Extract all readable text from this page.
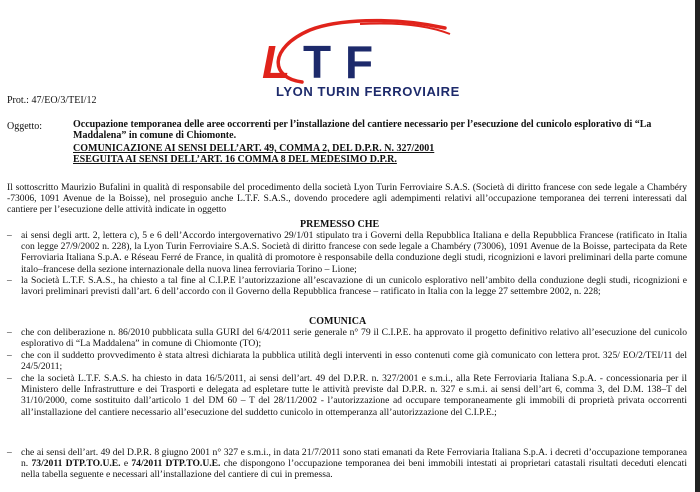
L T F
LYON TURIN FERROVIAIRE
Prot.: 47/EO/3/TEI/12
Oggetto:	Occupazione temporanea delle aree occorrenti per l’installazione del cantiere necessario per l’esecuzione del cunicolo esplorativo di “La Maddalena” in comune di Chiomonte.
COMUNICAZIONE AI SENSI DELL’ART. 49, COMMA 2, DEL D.P.R. N. 327/2001
ESEGUITA AI SENSI DELL’ART. 16 COMMA 8 DEL MEDESIMO D.P.R.
Il sottoscritto Maurizio Bufalini in qualità di responsabile del procedimento della società Lyon Turin Ferroviaire S.A.S. (Società di diritto francese con sede legale a Chambéry -73006, 1091 Avenue de la Boisse), nel proseguio anche L.T.F. S.A.S., dovendo procedere agli adempimenti relativi all’occupazione temporanea dei terreni interessati dal cantiere per l’esecuzione delle attività indicate in oggetto
PREMESSO CHE
– ai sensi degli artt. 2, lettera c), 5 e 6 dell’Accordo intergovernativo 29/1/01 stipulato tra i Governi della Repubblica Italiana e della Repubblica Francese (ratificato in Italia con legge 27/9/2002 n. 228), la Lyon Turin Ferroviaire S.A.S. Società di diritto francese con sede legale a Chambéry (73006), 1091 Avenue de la Boisse, partecipata da Rete Ferroviaria Italiana S.p.A. e Réseau Ferré de France, in qualità di promotore è responsabile della conduzione degli studi, ricognizioni e lavori preliminari della parte comune italo–francese della sezione internazionale della nuova linea ferroviaria Torino – Lione;
– la Società L.T.F. S.A.S., ha chiesto a tal fine al C.I.P.E l’autorizzazione all’escavazione di un cunicolo esplorativo nell’ambito della conduzione degli studi, ricognizioni e lavori preliminari previsti dall’art. 6 dell’accordo con il Governo della Repubblica francese – ratificato in Italia con la legge 27 settembre 2002, n. 228;
COMUNICA
– che con deliberazione n. 86/2010 pubblicata sulla GURI del 6/4/2011 serie generale n° 79 il C.I.P.E. ha approvato il progetto definitivo relativo all’esecuzione del cunicolo esplorativo di “La Maddalena” in comune di Chiomonte (TO);
– che con il suddetto provvedimento è stata altresì dichiarata la pubblica utilità degli interventi in esso contenuti come già comunicato con lettera prot. 325/ EO/2/TEI/11 del 24/5/2011;
– che la società L.T.F. S.A.S. ha chiesto in data 16/5/2011, ai sensi dell’art. 49 del D.P.R. n. 327/2001 e s.m.i., alla Rete Ferroviaria Italiana S.p.A. - concessionaria per il Ministero delle Infrastrutture e dei Trasporti e delegata ad espletare tutte le attività previste dal D.P.R. n. 327 e s.m.i. ai sensi dell’art 6, comma 3, del D.M. 138–T del 31/10/2000, come sostituito dall’articolo 1 del DM 60 – T del 28/11/2002 - l’autorizzazione ad occupare temporaneamente gli immobili di proprietà privata occorrenti all’installazione del cantiere necessario all’esecuzione del suddetto cunicolo in ottemperanza all’autorizzazione del C.I.P.E.;
– che ai sensi dell’art. 49 del D.P.R. 8 giugno 2001 n° 327 e s.m.i., in data 21/7/2011 sono stati emanati da Rete Ferroviaria Italiana S.p.A. i decreti d’occupazione temporanea n. 73/2011 DTP.TO.U.E. e 74/2011 DTP.TO.U.E. che dispongono l’occupazione temporanea dei beni immobili intestati ai proprietari catastali risultati deceduti elencati nella tabella seguente e necessari all’installazione del cantiere di cui in premessa.
